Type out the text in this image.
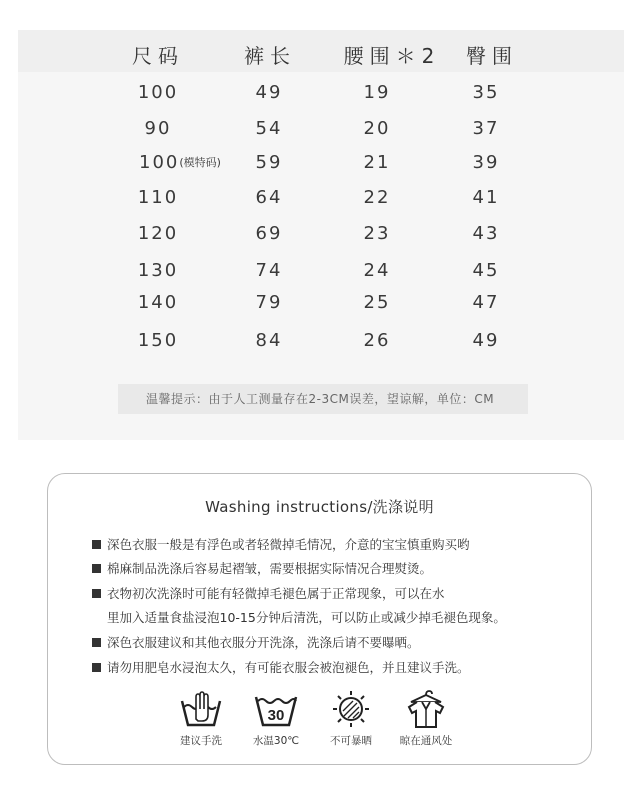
尺码	裤长 腰围＊2 臀围
100	49	19	35
90	54	20	37
100(模特码) 59	21	39
110	64	22	41
120	69	23	43
130	74	24	45
140	79	25	47
150	84	26	49
温馨提示：由于人工测量存在2-3CM误差，望谅解，单位：CM
Washing instructions/洗涤说明
深色衣服一般是有浮色或者轻微掉毛情况，介意的宝宝慎重购买哟
棉麻制品洗涤后容易起褶皱，需要根据实际情况合理熨烫。
衣物初次洗涤时可能有轻微掉毛褪色属于正常现象，可以在水
里加入适量食盐浸泡10-15分钟后清洗，可以防止或减少掉毛褪色现象。
深色衣服建议和其他衣服分开洗涤，洗涤后请不要曝晒。
请勿用肥皂水浸泡太久，有可能衣服会被泡褪色，并且建议手洗。
建议手洗
30
水温30℃	不可暴晒	晾在通风处
